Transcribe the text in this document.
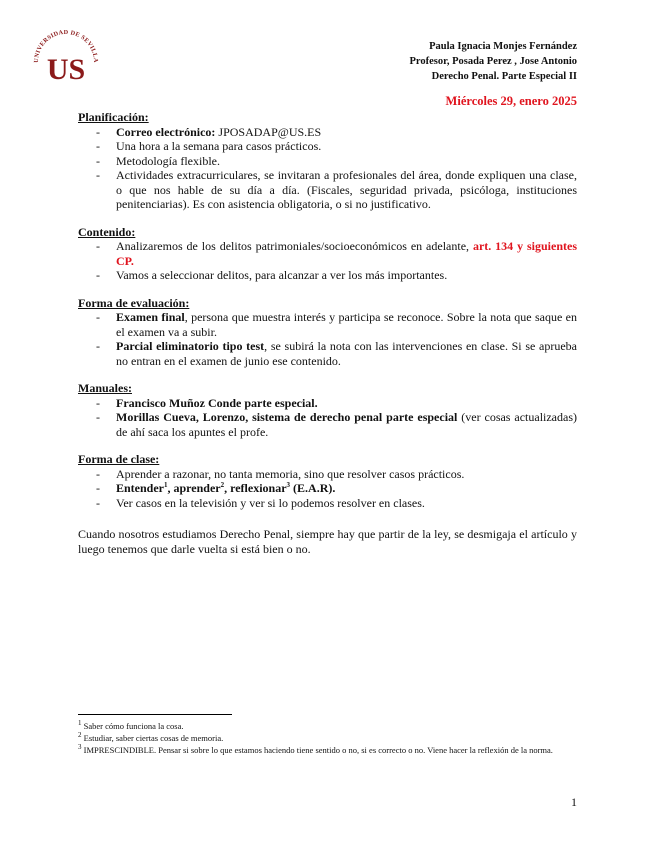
UNIVERSIDAD DE SEVILLA
US
Paula Ignacia Monjes Fernández
Profesor, Posada Perez , Jose Antonio
Derecho Penal. Parte Especial II
Miércoles 29, enero 2025
Planificación:
- Correo electrónico: JPOSADAP@US.ES
- Una hora a la semana para casos prácticos.
- Metodología flexible.
- Actividades extracurriculares, se invitaran a profesionales del área, donde expliquen una clase, o que nos hable de su día a día. (Fiscales, seguridad privada, psicóloga, instituciones penitenciarias). Es con asistencia obligatoria, o si no justificativo.
Contenido:
- Analizaremos de los delitos patrimoniales/socioeconómicos en adelante, art. 134 y siguientes CP.
- Vamos a seleccionar delitos, para alcanzar a ver los más importantes.
Forma de evaluación:
- Examen final, persona que muestra interés y participa se reconoce. Sobre la nota que saque en el examen va a subir.
- Parcial eliminatorio tipo test, se subirá la nota con las intervenciones en clase. Si se aprueba no entran en el examen de junio ese contenido.
Manuales:
- Francisco Muñoz Conde parte especial.
- Morillas Cueva, Lorenzo, sistema de derecho penal parte especial (ver cosas actualizadas) de ahí saca los apuntes el profe.
Forma de clase:
- Aprender a razonar, no tanta memoria, sino que resolver casos prácticos.
- Entender$^1$, aprender$^2$, reflexionar$^3$ (E.A.R).
- Ver casos en la televisión y ver si lo podemos resolver en clases.
Cuando nosotros estudiamos Derecho Penal, siempre hay que partir de la ley, se desmigaja el artículo y luego tenemos que darle vuelta si está bien o no.
$^1$ Saber cómo funciona la cosa.
$^2$ Estudiar, saber ciertas cosas de memoria.
$^3$ IMPRESCINDIBLE. Pensar si sobre lo que estamos haciendo tiene sentido o no, si es correcto o no. Viene hacer la reflexión de la norma.
1
